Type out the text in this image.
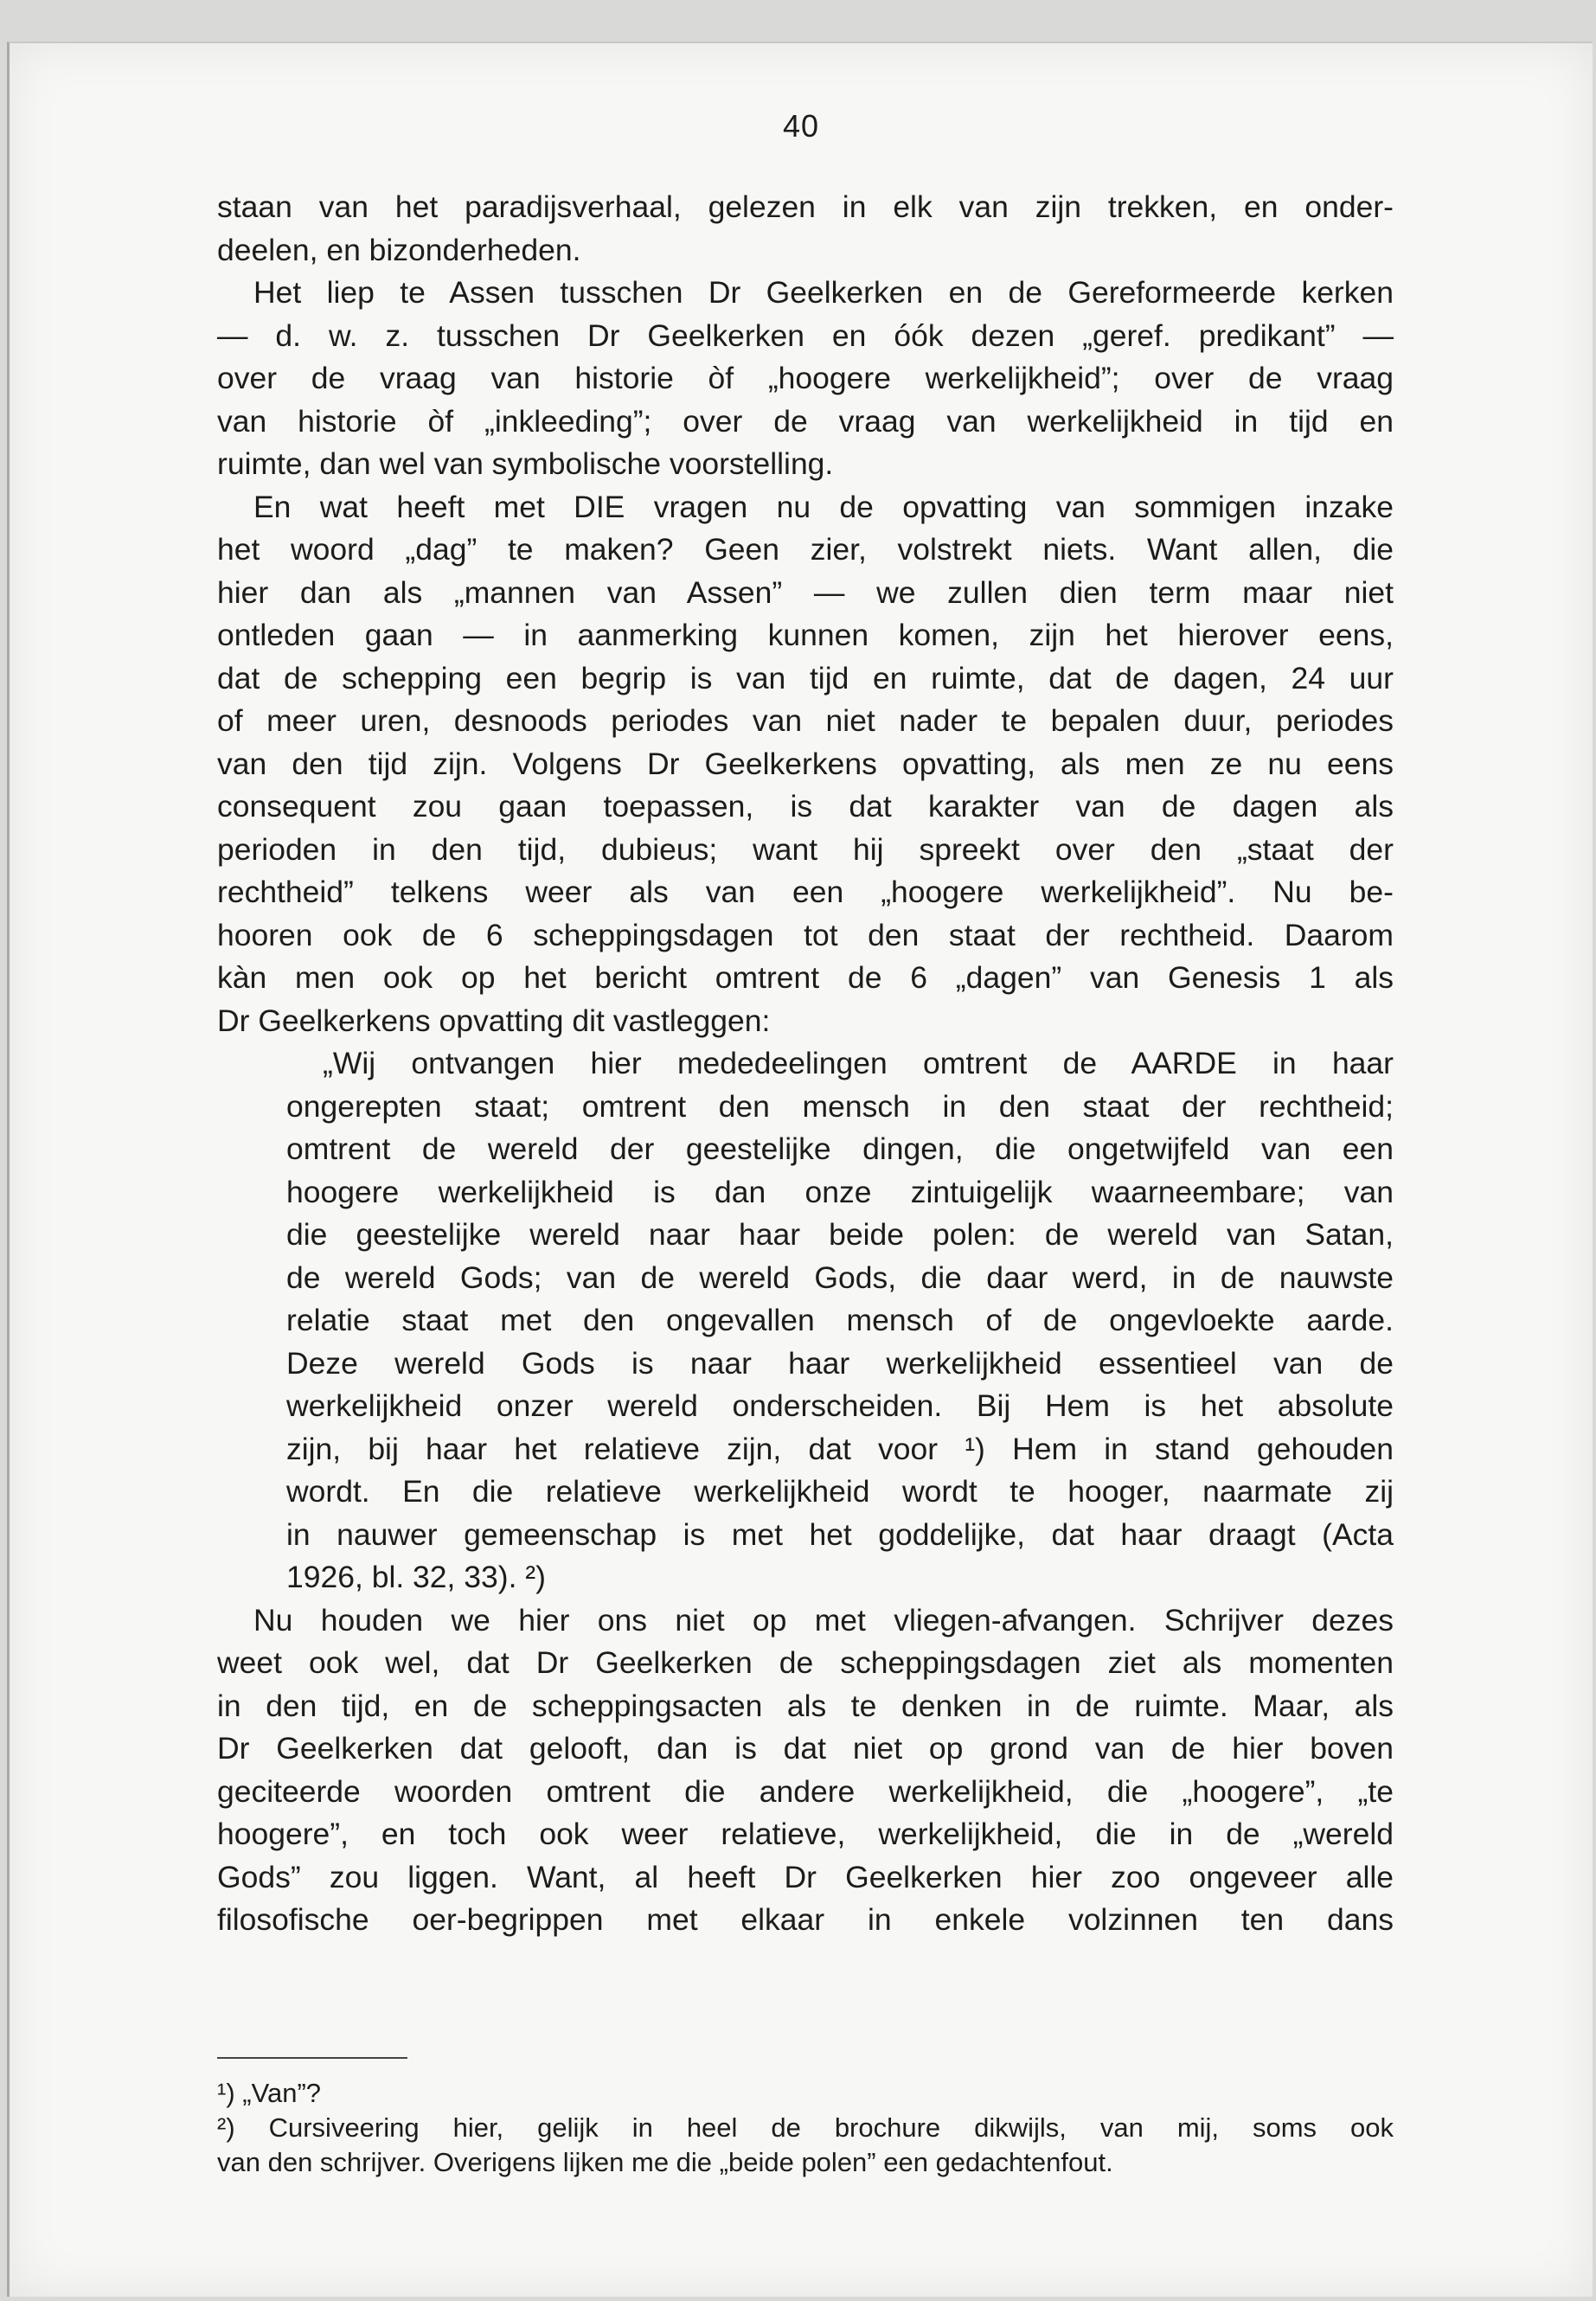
40
staan van het paradijsverhaal, gelezen in elk van zijn trekken, en onder-
deelen, en bizonderheden.
Het liep te Assen tusschen Dr Geelkerken en de Gereformeerde kerken
— d. w. z. tusschen Dr Geelkerken en óók dezen „geref. predikant” —
over de vraag van historie òf „hoogere werkelijkheid”; over de vraag
van historie òf „inkleeding”; over de vraag van werkelijkheid in tijd en
ruimte, dan wel van symbolische voorstelling.
En wat heeft met DIE vragen nu de opvatting van sommigen inzake
het woord „dag” te maken? Geen zier, volstrekt niets. Want allen, die
hier dan als „mannen van Assen” — we zullen dien term maar niet
ontleden gaan — in aanmerking kunnen komen, zijn het hierover eens,
dat de schepping een begrip is van tijd en ruimte, dat de dagen, 24 uur
of meer uren, desnoods periodes van niet nader te bepalen duur, periodes
van den tijd zijn. Volgens Dr Geelkerkens opvatting, als men ze nu eens
consequent zou gaan toepassen, is dat karakter van de dagen als
perioden in den tijd, dubieus; want hij spreekt over den „staat der
rechtheid” telkens weer als van een „hoogere werkelijkheid”. Nu be-
hooren ook de 6 scheppingsdagen tot den staat der rechtheid. Daarom
kàn men ook op het bericht omtrent de 6 „dagen” van Genesis 1 als
Dr Geelkerkens opvatting dit vastleggen:
„Wij ontvangen hier mededeelingen omtrent de AARDE in haar
ongerepten staat; omtrent den mensch in den staat der rechtheid;
omtrent de wereld der geestelijke dingen, die ongetwijfeld van een
hoogere werkelijkheid is dan onze zintuigelijk waarneembare; van
die geestelijke wereld naar haar beide polen: de wereld van Satan,
de wereld Gods; van de wereld Gods, die daar werd, in de nauwste
relatie staat met den ongevallen mensch of de ongevloekte aarde.
Deze wereld Gods is naar haar werkelijkheid essentieel van de
werkelijkheid onzer wereld onderscheiden. Bij Hem is het absolute
zijn, bij haar het relatieve zijn, dat voor ¹) Hem in stand gehouden
wordt. En die relatieve werkelijkheid wordt te hooger, naarmate zij
in nauwer gemeenschap is met het goddelijke, dat haar draagt (Acta
1926, bl. 32, 33). ²)
Nu houden we hier ons niet op met vliegen-afvangen. Schrijver dezes
weet ook wel, dat Dr Geelkerken de scheppingsdagen ziet als momenten
in den tijd, en de scheppingsacten als te denken in de ruimte. Maar, als
Dr Geelkerken dat gelooft, dan is dat niet op grond van de hier boven
geciteerde woorden omtrent die andere werkelijkheid, die „hoogere”, „te
hoogere”, en toch ook weer relatieve, werkelijkheid, die in de „wereld
Gods” zou liggen. Want, al heeft Dr Geelkerken hier zoo ongeveer alle
filosofische oer-begrippen met elkaar in enkele volzinnen ten dans
¹) „Van”?
²) Cursiveering hier, gelijk in heel de brochure dikwijls, van mij, soms ook
van den schrijver. Overigens lijken me die „beide polen” een gedachtenfout.
